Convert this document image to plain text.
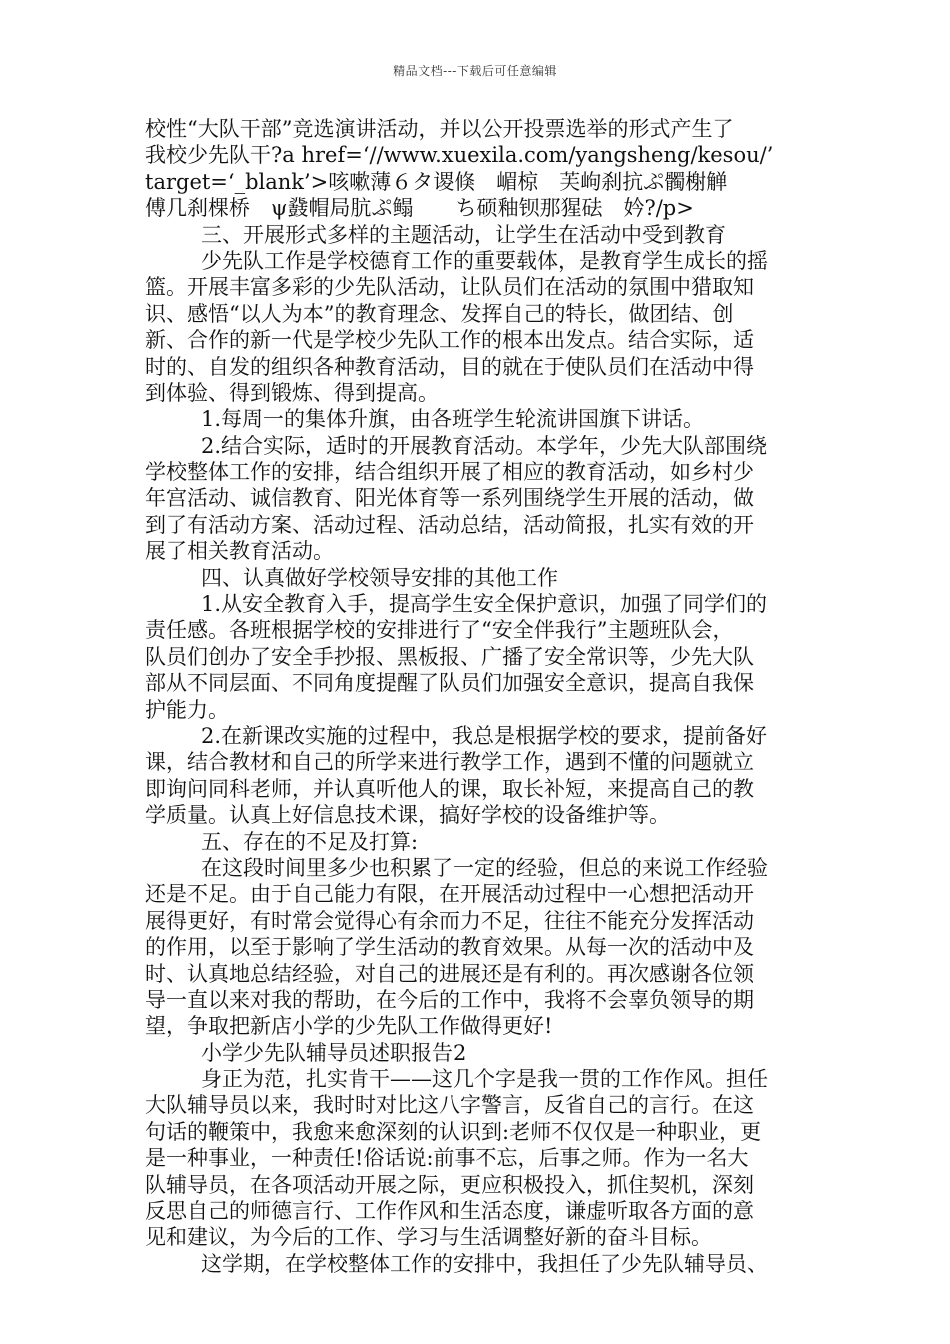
精品文档---下载后可任意编辑
校性“大队干部”竞选演讲活动，并以公开投票选举的形式产生了
我校少先队干?a href=‘//www.xuexila.com/yangsheng/kesou/’
target=‘_blank’>咳嗽薄６タ谡倏　嵋椋　芙岣刹抗ぷ髑榭觯
傅几刹棵桥　ψ鼗帽局肮ぷ鳎　　ち硕釉钡那猩砝　妗?/p>
三、开展形式多样的主题活动，让学生在活动中受到教育
少先队工作是学校德育工作的重要载体，是教育学生成长的摇
篮。开展丰富多彩的少先队活动，让队员们在活动的氛围中猎取知
识、感悟“以人为本”的教育理念、发挥自己的特长，做团结、创
新、合作的新一代是学校少先队工作的根本出发点。结合实际，适
时的、自发的组织各种教育活动，目的就在于使队员们在活动中得
到体验、得到锻炼、得到提高。
1.每周一的集体升旗，由各班学生轮流讲国旗下讲话。
2.结合实际，适时的开展教育活动。本学年，少先大队部围绕
学校整体工作的安排，结合组织开展了相应的教育活动，如乡村少
年宫活动、诚信教育、阳光体育等一系列围绕学生开展的活动，做
到了有活动方案、活动过程、活动总结，活动简报，扎实有效的开
展了相关教育活动。
四、认真做好学校领导安排的其他工作
1.从安全教育入手，提高学生安全保护意识，加强了同学们的
责任感。各班根据学校的安排进行了“安全伴我行”主题班队会，
队员们创办了安全手抄报、黑板报、广播了安全常识等，少先大队
部从不同层面、不同角度提醒了队员们加强安全意识，提高自我保
护能力。
2.在新课改实施的过程中，我总是根据学校的要求，提前备好
课，结合教材和自己的所学来进行教学工作，遇到不懂的问题就立
即询问同科老师，并认真听他人的课，取长补短，来提高自己的教
学质量。认真上好信息技术课，搞好学校的设备维护等。
五、存在的不足及打算:
在这段时间里多少也积累了一定的经验，但总的来说工作经验
还是不足。由于自己能力有限，在开展活动过程中一心想把活动开
展得更好，有时常会觉得心有余而力不足，往往不能充分发挥活动
的作用，以至于影响了学生活动的教育效果。从每一次的活动中及
时、认真地总结经验，对自己的进展还是有利的。再次感谢各位领
导一直以来对我的帮助，在今后的工作中，我将不会辜负领导的期
望，争取把新店小学的少先队工作做得更好!
小学少先队辅导员述职报告2
身正为范，扎实肯干——这几个字是我一贯的工作作风。担任
大队辅导员以来，我时时对比这八字警言，反省自己的言行。在这
句话的鞭策中，我愈来愈深刻的认识到:老师不仅仅是一种职业，更
是一种事业，一种责任!俗话说:前事不忘，后事之师。作为一名大
队辅导员，在各项活动开展之际，更应积极投入，抓住契机，深刻
反思自己的师德言行、工作作风和生活态度，谦虚听取各方面的意
见和建议，为今后的工作、学习与生活调整好新的奋斗目标。
这学期，在学校整体工作的安排中，我担任了少先队辅导员、
